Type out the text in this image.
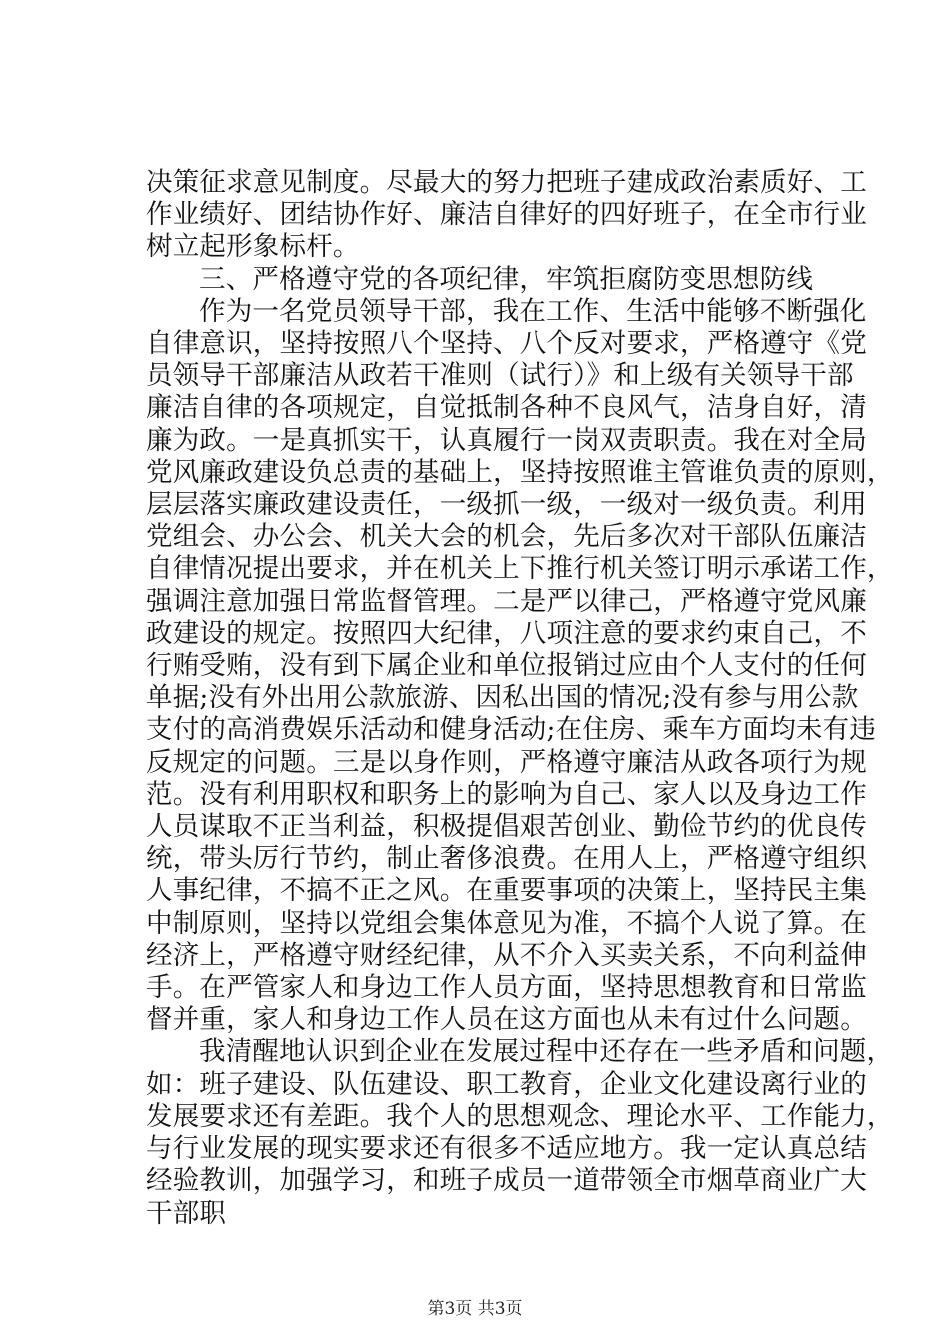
决策征求意见制度。尽最大的努力把班子建成政治素质好、工
作业绩好、团结协作好、廉洁自律好的四好班子，在全市行业
树立起形象标杆。
三、严格遵守党的各项纪律，牢筑拒腐防变思想防线
作为一名党员领导干部，我在工作、生活中能够不断强化
自律意识，坚持按照八个坚持、八个反对要求，严格遵守《党
员领导干部廉洁从政若干准则（试行）》和上级有关领导干部
廉洁自律的各项规定，自觉抵制各种不良风气，洁身自好，清
廉为政。一是真抓实干，认真履行一岗双责职责。我在对全局
党风廉政建设负总责的基础上，坚持按照谁主管谁负责的原则，
层层落实廉政建设责任，一级抓一级，一级对一级负责。利用
党组会、办公会、机关大会的机会，先后多次对干部队伍廉洁
自律情况提出要求，并在机关上下推行机关签订明示承诺工作，
强调注意加强日常监督管理。二是严以律己，严格遵守党风廉
政建设的规定。按照四大纪律，八项注意的要求约束自己，不
行贿受贿，没有到下属企业和单位报销过应由个人支付的任何
单据;没有外出用公款旅游、因私出国的情况;没有参与用公款
支付的高消费娱乐活动和健身活动;在住房、乘车方面均未有违
反规定的问题。三是以身作则，严格遵守廉洁从政各项行为规
范。没有利用职权和职务上的影响为自己、家人以及身边工作
人员谋取不正当利益，积极提倡艰苦创业、勤俭节约的优良传
统，带头厉行节约，制止奢侈浪费。在用人上，严格遵守组织
人事纪律，不搞不正之风。在重要事项的决策上，坚持民主集
中制原则，坚持以党组会集体意见为准，不搞个人说了算。在
经济上，严格遵守财经纪律，从不介入买卖关系，不向利益伸
手。在严管家人和身边工作人员方面，坚持思想教育和日常监
督并重，家人和身边工作人员在这方面也从未有过什么问题。
我清醒地认识到企业在发展过程中还存在一些矛盾和问题，
如：班子建设、队伍建设、职工教育，企业文化建设离行业的
发展要求还有差距。我个人的思想观念、理论水平、工作能力，
与行业发展的现实要求还有很多不适应地方。我一定认真总结
经验教训，加强学习，和班子成员一道带领全市烟草商业广大
干部职
第3页 共3页
